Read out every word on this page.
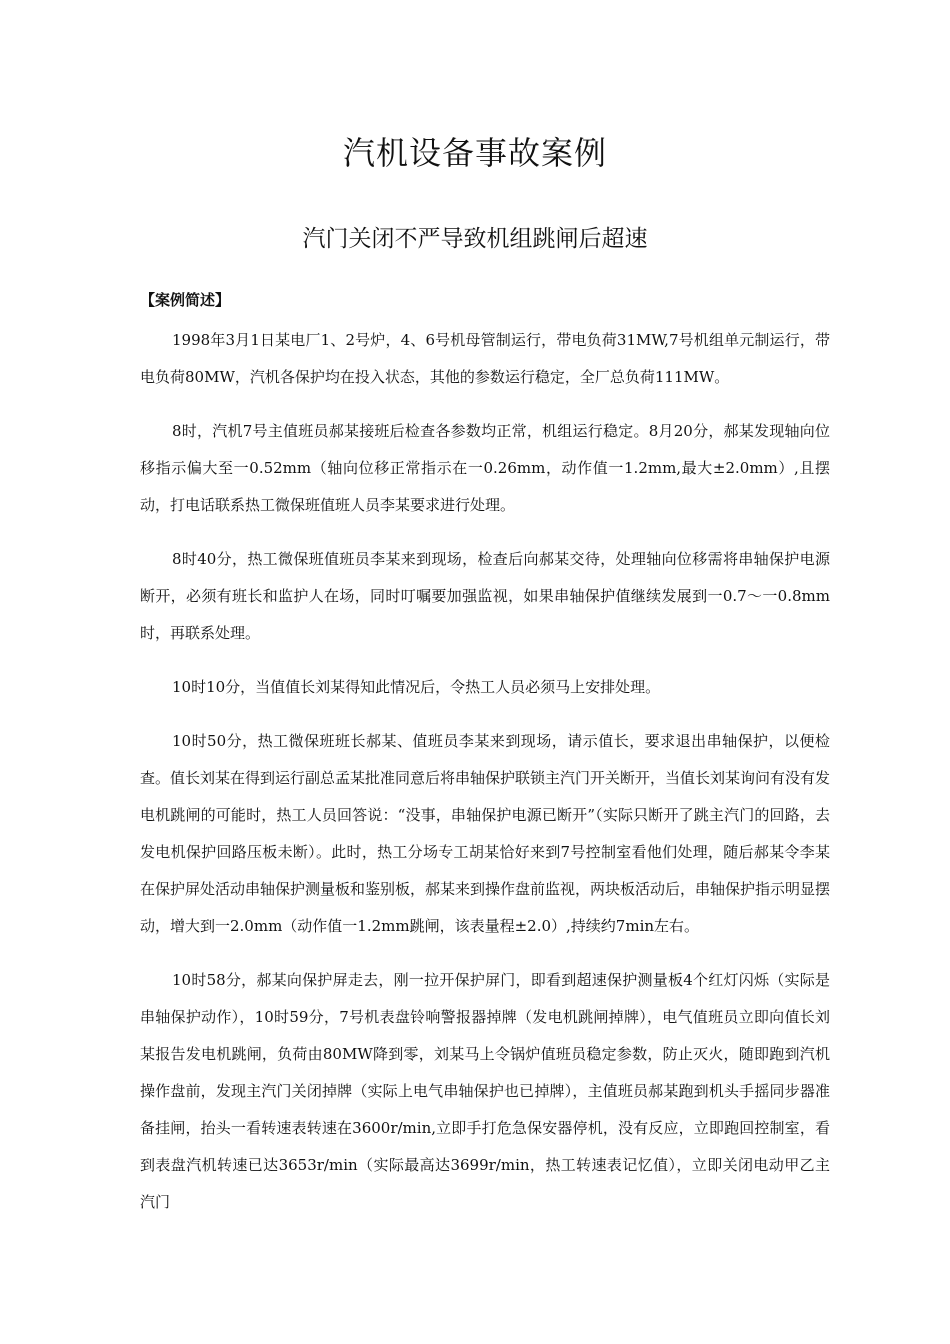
汽机设备事故案例
汽门关闭不严导致机组跳闸后超速
【案例简述】

1998年3月1日某电厂1、2号炉，4、6号机母管制运行，带电负荷31MW,7号机组单元制运行，带电负荷80MW，汽机各保护均在投入状态，其他的参数运行稳定，全厂总负荷111MW。

8时，汽机7号主值班员郝某接班后检查各参数均正常，机组运行稳定。8月20分，郝某发现轴向位移指示偏大至一0.52mm（轴向位移正常指示在一0.26mm，动作值一1.2mm,最大±2.0mm）,且摆动，打电话联系热工微保班值班人员李某要求进行处理。

8时40分，热工微保班值班员李某来到现场，检查后向郝某交待，处理轴向位移需将串轴保护电源断开，必须有班长和监护人在场，同时叮嘱要加强监视，如果串轴保护值继续发展到一0.7〜一0.8mm时，再联系处理。

10时10分，当值值长刘某得知此情况后，令热工人员必须马上安排处理。

10时50分，热工微保班班长郝某、值班员李某来到现场，请示值长，要求退出串轴保护，以便检查。值长刘某在得到运行副总孟某批准同意后将串轴保护联锁主汽门开关断开，当值长刘某询问有没有发电机跳闸的可能时，热工人员回答说：“没事，串轴保护电源已断开”（实际只断开了跳主汽门的回路，去发电机保护回路压板未断）。此时，热工分场专工胡某恰好来到7号控制室看他们处理，随后郝某令李某在保护屏处活动串轴保护测量板和鉴别板，郝某来到操作盘前监视，两块板活动后，串轴保护指示明显摆动，增大到一2.0mm（动作值一1.2mm跳闸，该表量程±2.0）,持续约7min左右。

10时58分，郝某向保护屏走去，刚一拉开保护屏门，即看到超速保护测量板4个红灯闪烁（实际是串轴保护动作），10时59分，7号机表盘铃响警报器掉牌（发电机跳闸掉牌），电气值班员立即向值长刘某报告发电机跳闸，负荷由80MW降到零，刘某马上令锅炉值班员稳定参数，防止灭火，随即跑到汽机操作盘前，发现主汽门关闭掉牌（实际上电气串轴保护也已掉牌），主值班员郝某跑到机头手摇同步器准备挂闸，抬头一看转速表转速在3600r/min,立即手打危急保安器停机，没有反应，立即跑回控制室，看到表盘汽机转速已达3653r/min（实际最高达3699r/min，热工转速表记忆值），立即关闭电动甲乙主汽门
